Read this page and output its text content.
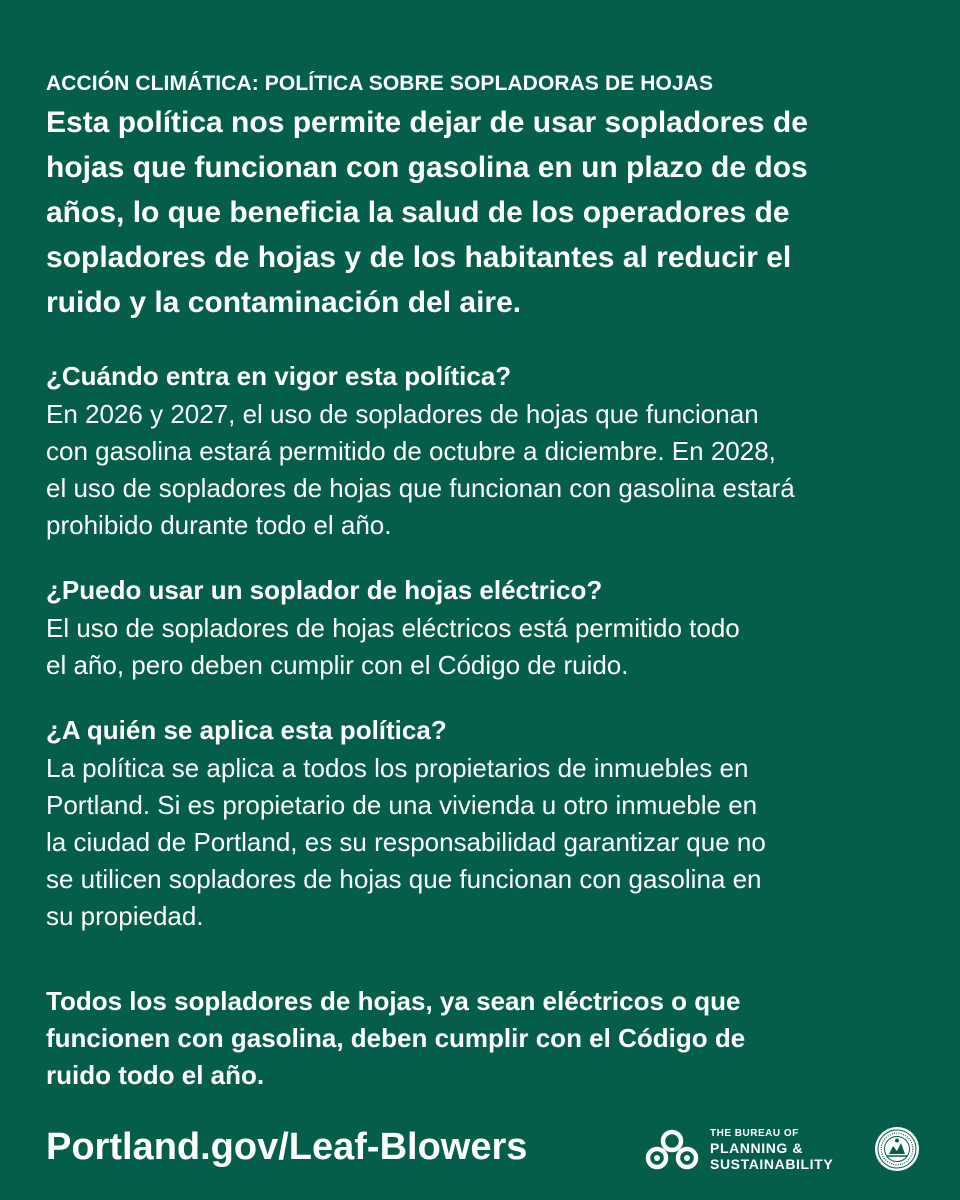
ACCIÓN CLIMÁTICA: POLÍTICA SOBRE SOPLADORAS DE HOJAS

Esta política nos permite dejar de usar sopladores de
hojas que funcionan con gasolina en un plazo de dos
años, lo que beneficia la salud de los operadores de
sopladores de hojas y de los habitantes al reducir el
ruido y la contaminación del aire.

¿Cuándo entra en vigor esta política?

En 2026 y 2027, el uso de sopladores de hojas que funcionan
con gasolina estará permitido de octubre a diciembre. En 2028,
el uso de sopladores de hojas que funcionan con gasolina estará
prohibido durante todo el año.

¿Puedo usar un soplador de hojas eléctrico?

El uso de sopladores de hojas eléctricos está permitido todo
el año, pero deben cumplir con el Código de ruido.

¿A quién se aplica esta política?

La política se aplica a todos los propietarios de inmuebles en
Portland. Si es propietario de una vivienda u otro inmueble en
la ciudad de Portland, es su responsabilidad garantizar que no
se utilicen sopladores de hojas que funcionan con gasolina en
su propiedad.

Todos los sopladores de hojas, ya sean eléctricos o que
funcionen con gasolina, deben cumplir con el Código de
ruido todo el año.

Portland.gov/Leaf-Blowers	THE BUREAU OF
PLANNING &
SUSTAINABILITY
